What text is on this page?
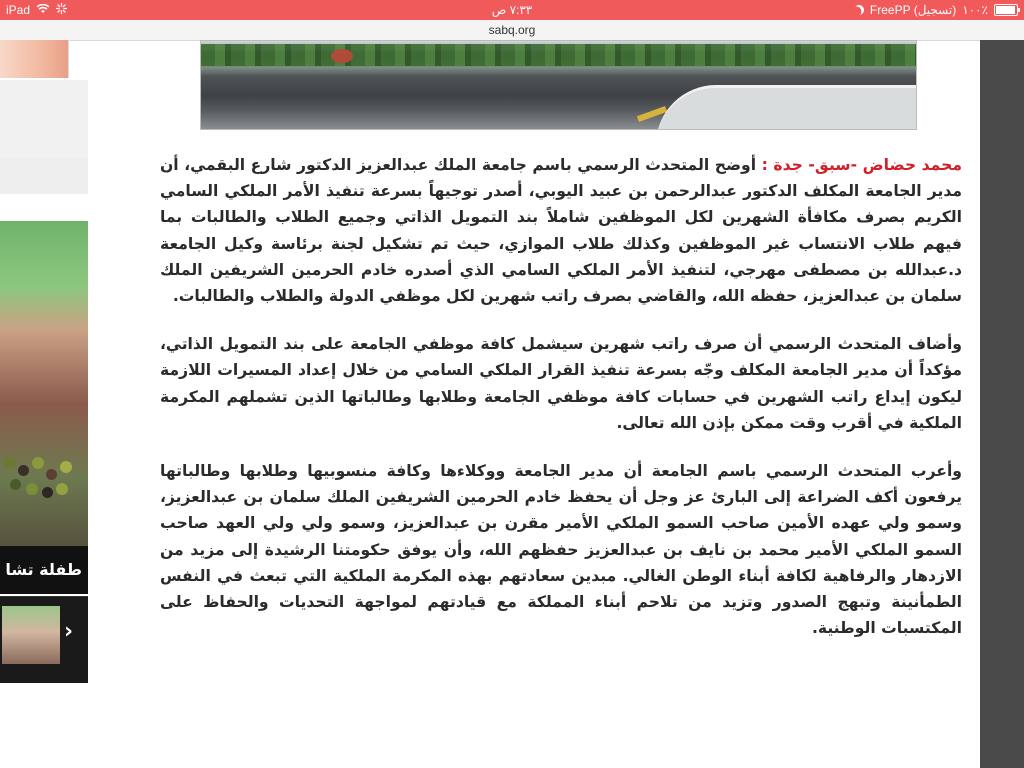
iPad	٧:٣٣ ص	FreePP (تسجيل) ١٠٠٪
sabq.org
طفلة تشا
›

محمد حضاض -سبق- جدة : أوضح المتحدث الرسمي باسم جامعة الملك عبدالعزيز الدكتور شارع البقمي، أن مدير الجامعة المكلف الدكتور عبدالرحمن بن عبيد اليوبي، أصدر توجيهاً بسرعة تنفيذ الأمر الملكي السامي الكريم بصرف مكافأة الشهرين لكل الموظفين شاملاً بند التمويل الذاتي وجميع الطلاب والطالبات بما فيهم طلاب الانتساب غير الموظفين وكذلك طلاب الموازي، حيث تم تشكيل لجنة برئاسة وكيل الجامعة د.عبدالله بن مصطفى مهرجي، لتنفيذ الأمر الملكي السامي الذي أصدره خادم الحرمين الشريفين الملك سلمان بن عبدالعزيز، حفظه الله، والقاضي بصرف راتب شهرين لكل موظفي الدولة والطلاب والطالبات.

وأضاف المتحدث الرسمي أن صرف راتب شهرين سيشمل كافة موظفي الجامعة على بند التمويل الذاتي، مؤكداً أن مدير الجامعة المكلف وجّه بسرعة تنفيذ القرار الملكي السامي من خلال إعداد المسيرات اللازمة ليكون إيداع راتب الشهرين في حسابات كافة موظفي الجامعة وطلابها وطالباتها الذين تشملهم المكرمة الملكية في أقرب وقت ممكن بإذن الله تعالى.

وأعرب المتحدث الرسمي باسم الجامعة أن مدير الجامعة ووكلاءها وكافة منسوبيها وطلابها وطالباتها يرفعون أكف الضراعة إلى البارئ عز وجل أن يحفظ خادم الحرمين الشريفين الملك سلمان بن عبدالعزيز، وسمو ولي عهده الأمين صاحب السمو الملكي الأمير مقرن بن عبدالعزيز، وسمو ولي ولي العهد صاحب السمو الملكي الأمير محمد بن نايف بن عبدالعزيز حفظهم الله، وأن يوفق حكومتنا الرشيدة إلى مزيد من الازدهار والرفاهية لكافة أبناء الوطن الغالي. مبدين سعادتهم بهذه المكرمة الملكية التي تبعث في النفس الطمأنينة وتبهج الصدور وتزيد من تلاحم أبناء المملكة مع قيادتهم لمواجهة التحديات والحفاظ على المكتسبات الوطنية.
